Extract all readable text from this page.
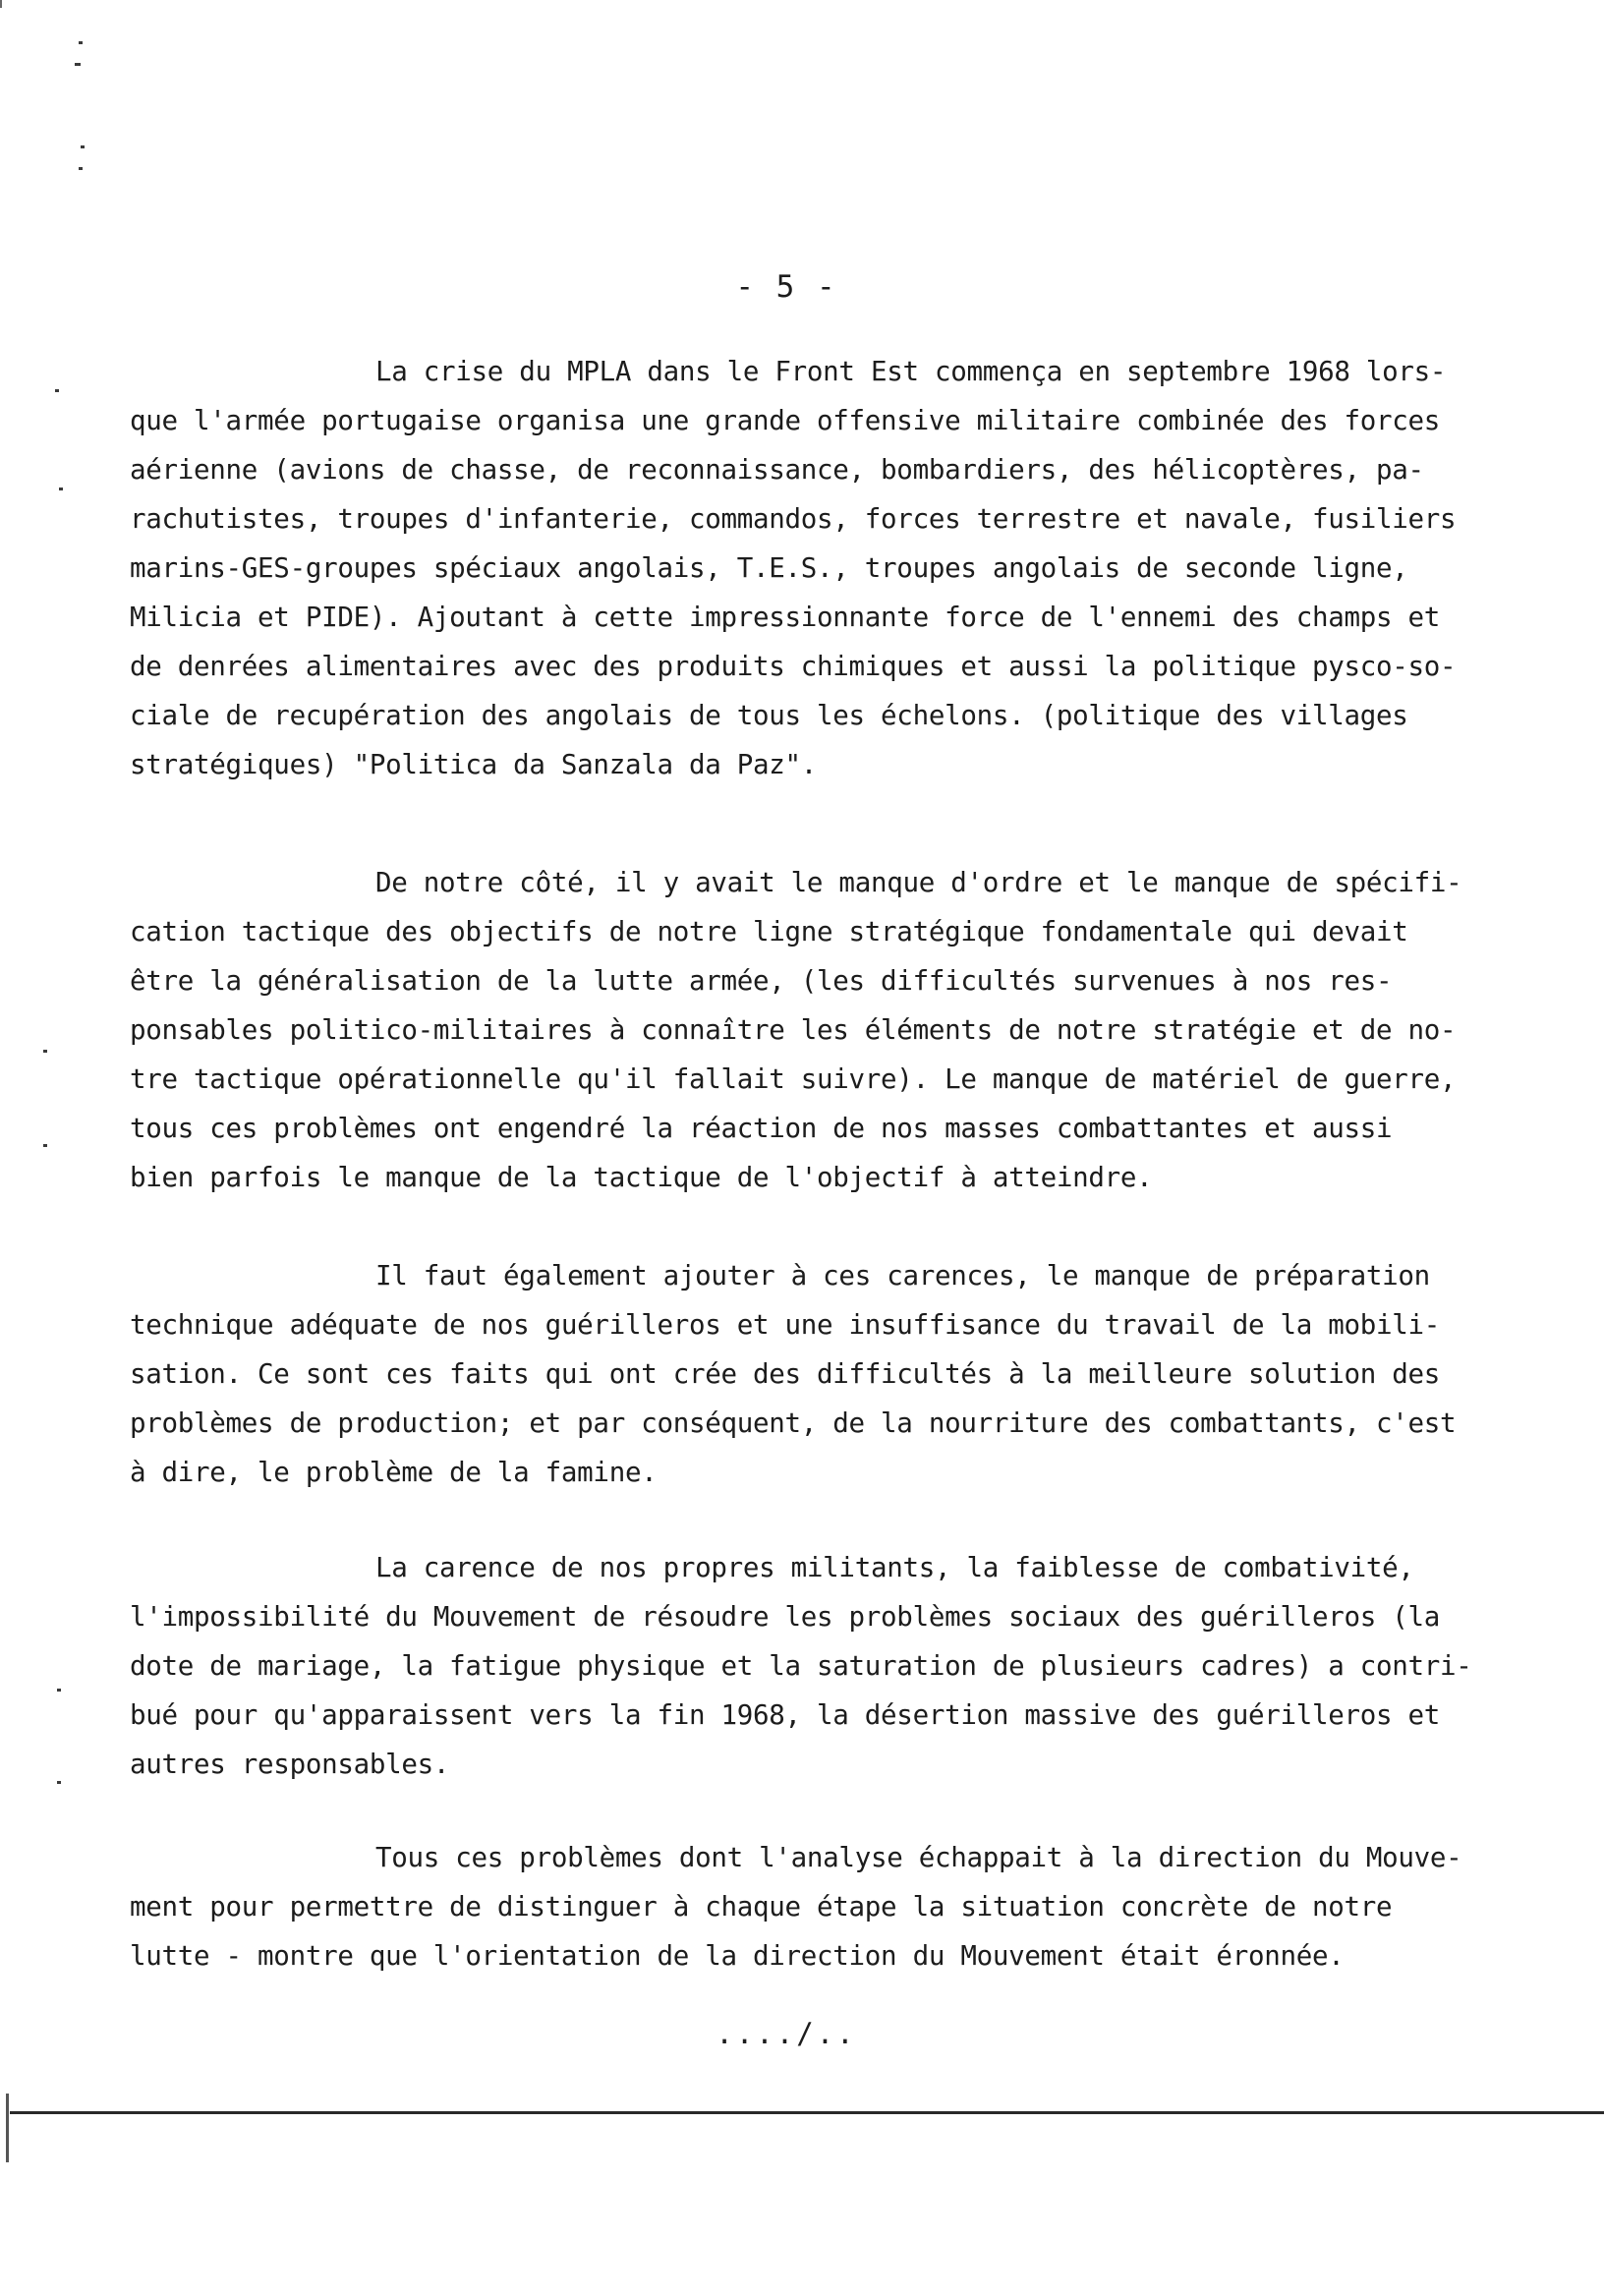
- 5 -
La crise du MPLA dans le Front Est commença en septembre 1968 lors-
que l'armée portugaise organisa une grande offensive militaire combinée des forces
aérienne (avions de chasse, de reconnaissance, bombardiers, des hélicoptères, pa-
rachutistes, troupes d'infanterie, commandos, forces terrestre et navale, fusiliers
marins-GES-groupes spéciaux angolais, T.E.S., troupes angolais de seconde ligne,
Milicia et PIDE). Ajoutant à cette impressionnante force de l'ennemi des champs et
de denrées alimentaires avec des produits chimiques et aussi la politique pysco-so-
ciale de recupération des angolais de tous les échelons. (politique des villages
stratégiques) "Politica da Sanzala da Paz".
De notre côté, il y avait le manque d'ordre et le manque de spécifi-
cation tactique des objectifs de notre ligne stratégique fondamentale qui devait
être la généralisation de la lutte armée, (les difficultés survenues à nos res-
ponsables politico-militaires à connaître les éléments de notre stratégie et de no-
tre tactique opérationnelle qu'il fallait suivre). Le manque de matériel de guerre,
tous ces problèmes ont engendré la réaction de nos masses combattantes et aussi
bien parfois le manque de la tactique de l'objectif à atteindre.
Il faut également ajouter à ces carences, le manque de préparation
technique adéquate de nos guérilleros et une insuffisance du travail de la mobili-
sation. Ce sont ces faits qui ont crée des difficultés à la meilleure solution des
problèmes de production; et par conséquent, de la nourriture des combattants, c'est
à dire, le problème de la famine.
La carence de nos propres militants, la faiblesse de combativité,
l'impossibilité du Mouvement de résoudre les problèmes sociaux des guérilleros (la
dote de mariage, la fatigue physique et la saturation de plusieurs cadres) a contri-
bué pour qu'apparaissent vers la fin 1968, la désertion massive des guérilleros et
autres responsables.
Tous ces problèmes dont l'analyse échappait à la direction du Mouve-
ment pour permettre de distinguer à chaque étape la situation concrète de notre
lutte - montre que l'orientation de la direction du Mouvement était éronnée.
..../..
